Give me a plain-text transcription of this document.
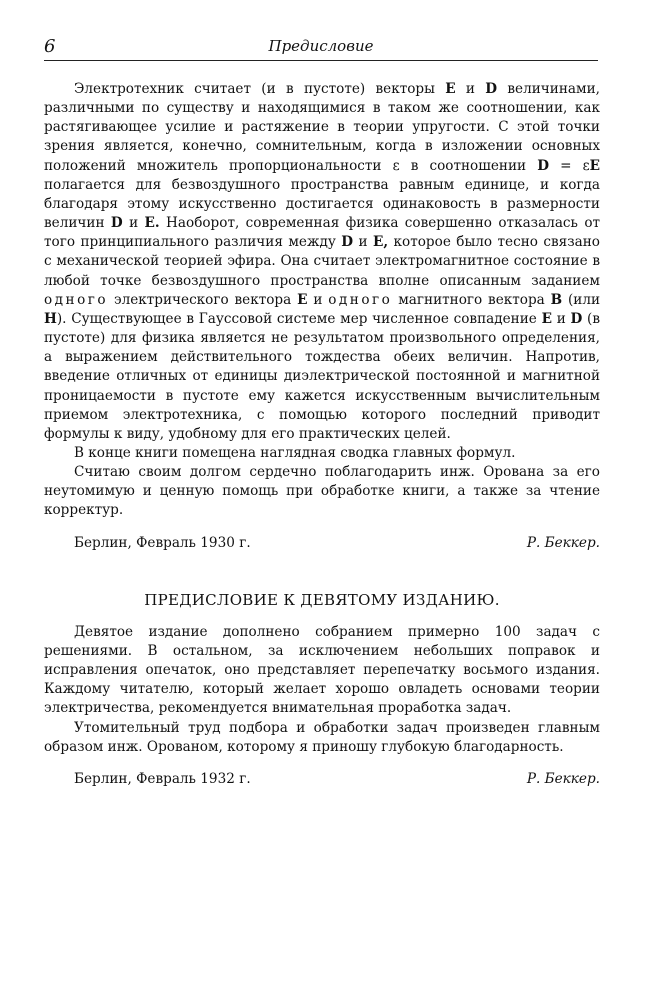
6	Предисловие

Электротехник считает (и в пустоте) векторы E и D величинами, различными по существу и находящимися в таком же соотношении, как растягивающее усилие и растяжение в теории упругости. С этой точки зрения является, конечно, сомнительным, когда в изложении основных положений множитель пропорциональности ε в соотношении D = εE полагается для безвоздушного пространства равным единице, и когда благодаря этому искусственно достигается одинаковость в размерности величин D и E. Наоборот, современная физика совершенно отказалась от того принципиального различия между D и E, которое было тесно связано с механической теорией эфира. Она считает электромагнитное состояние в любой точке безвоздушного пространства вполне описанным заданием одного электрического вектора E и одного магнитного вектора B (или H). Существующее в Гауссовой системе мер численное совпадение E и D (в пустоте) для физика является не результатом произвольного определения, а выражением действительного тождества обеих величин. Напротив, введение отличных от единицы диэлектрической постоянной и магнитной проницаемости в пустоте ему кажется искусственным вычислительным приемом электротехника, с помощью которого последний приводит формулы к виду, удобному для его практических целей.

В конце книги помещена наглядная сводка главных формул.

Считаю своим долгом сердечно поблагодарить инж. Орована за его неутомимую и ценную помощь при обработке книги, а также за чтение корректур.

Берлин, Февраль 1930 г.	Р. Беккер.
ПРЕДИСЛОВИЕ К ДЕВЯТОМУ ИЗДАНИЮ.

Девятое издание дополнено собранием примерно 100 задач с решениями. В остальном, за исключением небольших поправок и исправления опечаток, оно представляет перепечатку восьмого издания. Каждому читателю, который желает хорошо овладеть основами теории электричества, рекомендуется внимательная проработка задач.

Утомительный труд подбора и обработки задач произведен главным образом инж. Орованом, которому я приношу глубокую благодарность.

Берлин, Февраль 1932 г.	Р. Беккер.
